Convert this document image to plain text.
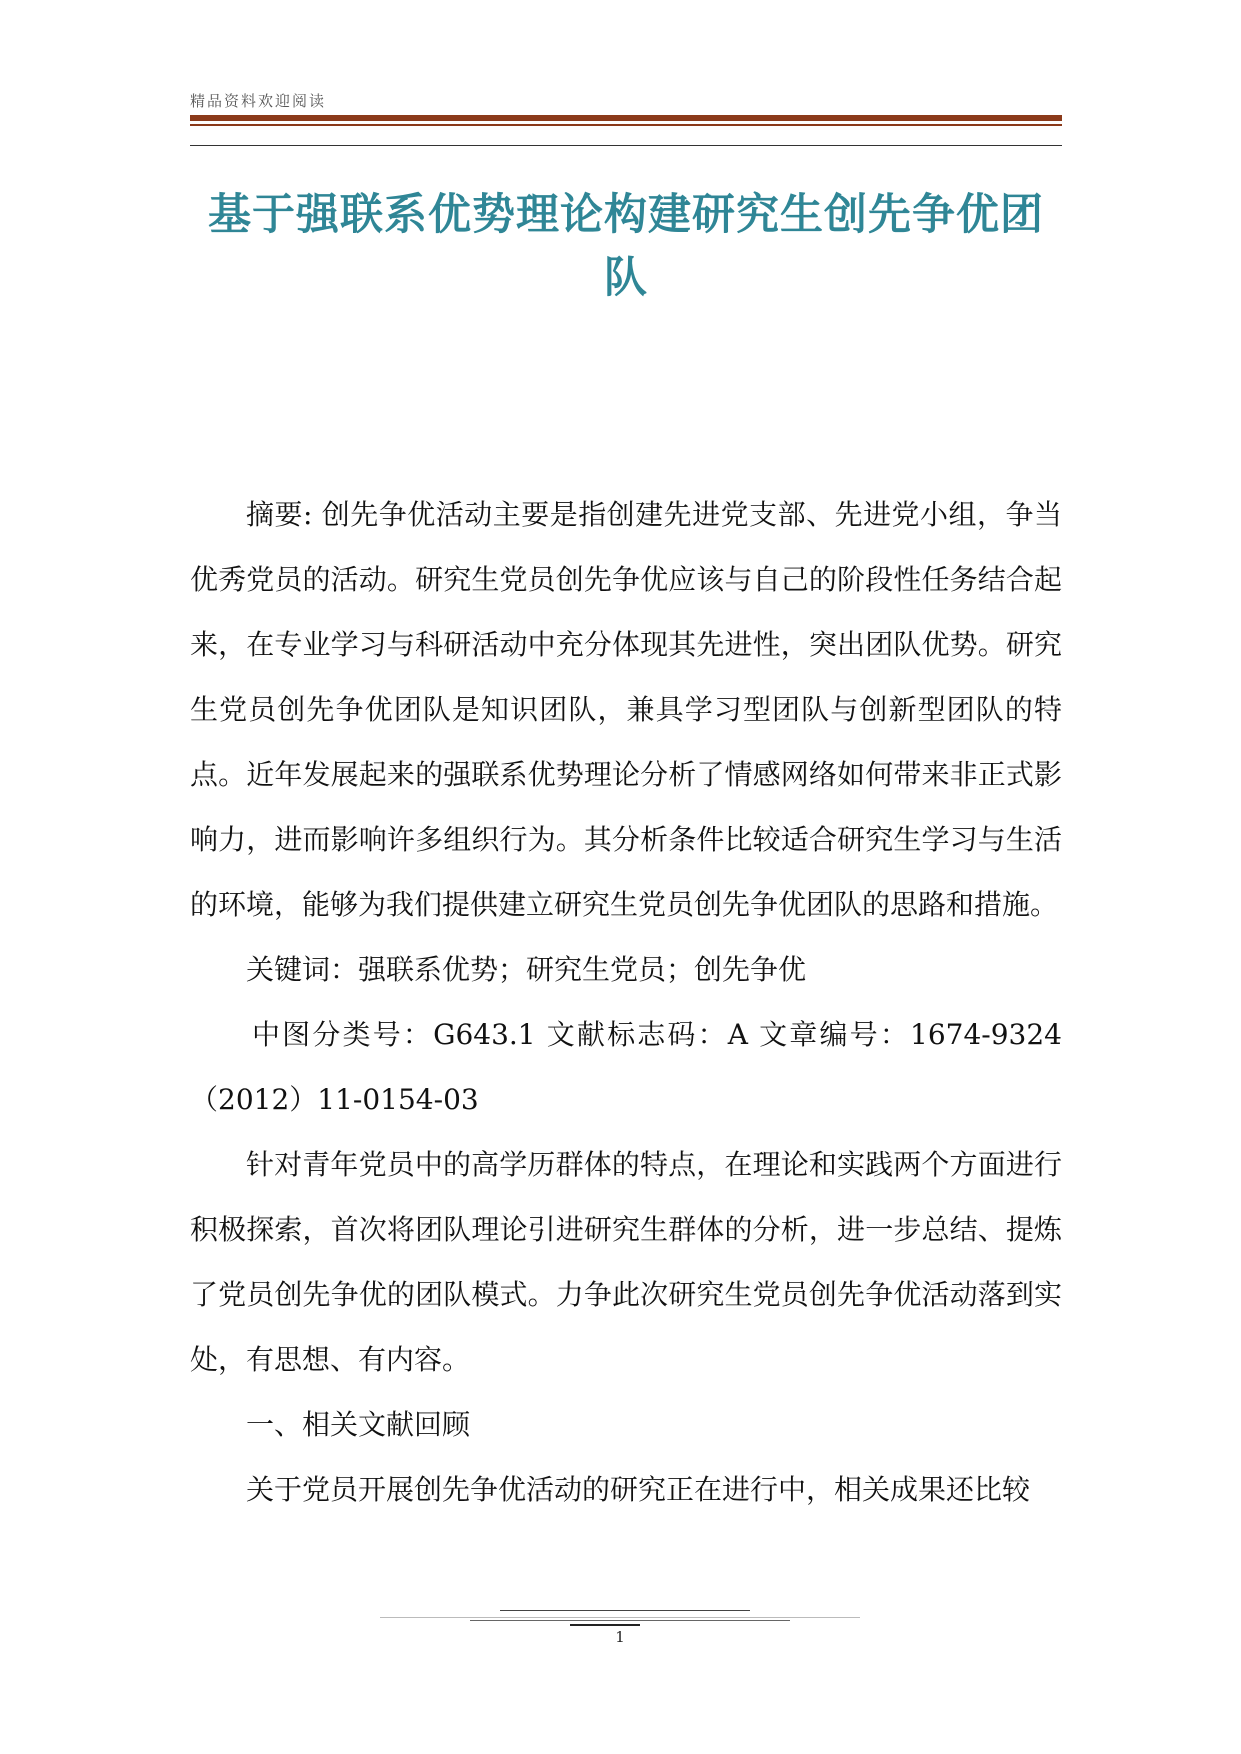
精品资料欢迎阅读
基于强联系优势理论构建研究生创先争优团队

摘要: 创先争优活动主要是指创建先进党支部、先进党小组，争当优秀党员的活动。研究生党员创先争优应该与自己的阶段性任务结合起来，在专业学习与科研活动中充分体现其先进性，突出团队优势。研究生党员创先争优团队是知识团队，兼具学习型团队与创新型团队的特点。近年发展起来的强联系优势理论分析了情感网络如何带来非正式影响力，进而影响许多组织行为。其分析条件比较适合研究生学习与生活的环境，能够为我们提供建立研究生党员创先争优团队的思路和措施。

关键词：强联系优势；研究生党员；创先争优

中图分类号：G643.1 文献标志码：A 文章编号：1674-9324（2012）11-0154-03

针对青年党员中的高学历群体的特点，在理论和实践两个方面进行积极探索，首次将团队理论引进研究生群体的分析，进一步总结、提炼了党员创先争优的团队模式。力争此次研究生党员创先争优活动落到实处，有思想、有内容。

一、相关文献回顾

关于党员开展创先争优活动的研究正在进行中，相关成果还比较

1
